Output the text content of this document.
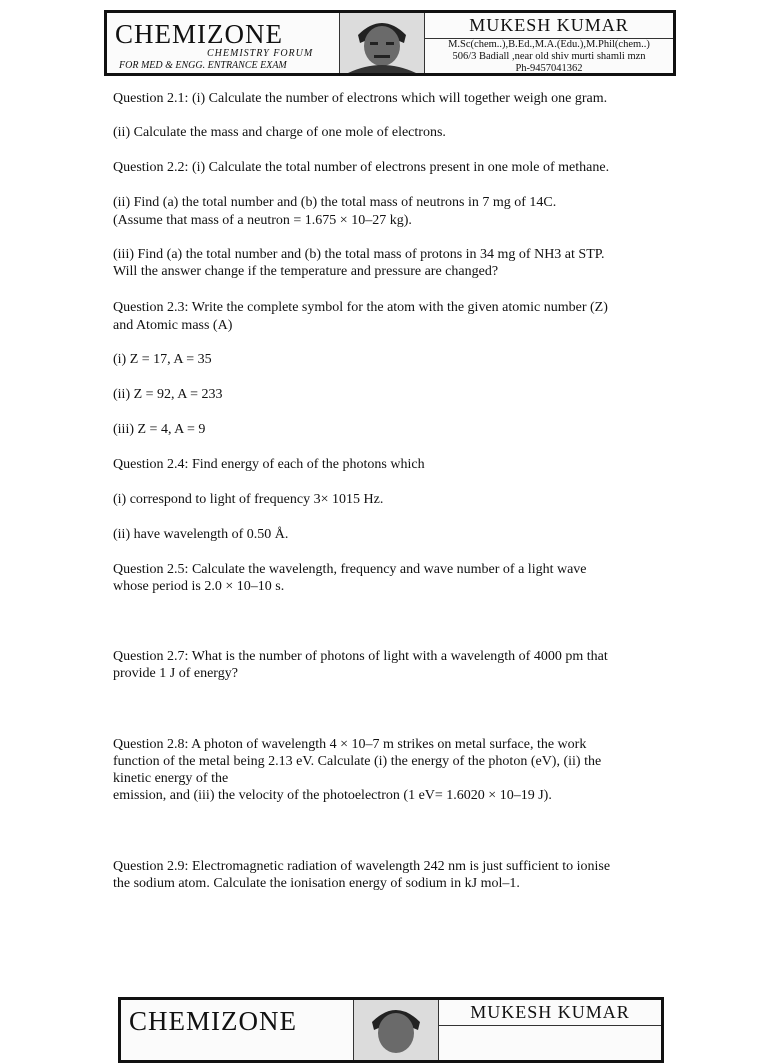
CHEMIZONE
CHEMISTRY FORUM
FOR MED & ENGG. ENTRANCE EXAM
MUKESH KUMAR
M.Sc(chem..),B.Ed.,M.A.(Edu.),M.Phil(chem..)
506/3 Badiall ,near old shiv murti shamli mzn
Ph-9457041362
Question 2.1: (i) Calculate the number of electrons which will together weigh one gram.
(ii) Calculate the mass and charge of one mole of electrons.
Question 2.2: (i) Calculate the total number of electrons present in one mole of methane.
(ii) Find (a) the total number and (b) the total mass of neutrons in 7 mg of 14C.
(Assume that mass of a neutron = 1.675 × 10–27 kg).
(iii) Find (a) the total number and (b) the total mass of protons in 34 mg of NH3 at STP.
Will the answer change if the temperature and pressure are changed?
Question 2.3: Write the complete symbol for the atom with the given atomic number (Z)
and Atomic mass (A)
(i) Z = 17, A = 35
(ii) Z = 92, A = 233
(iii) Z = 4, A = 9
Question 2.4: Find energy of each of the photons which
(i) correspond to light of frequency 3× 1015 Hz.
(ii) have wavelength of 0.50 Å.
Question 2.5: Calculate the wavelength, frequency and wave number of a light wave
whose period is 2.0 × 10–10 s.
Question 2.7: What is the number of photons of light with a wavelength of 4000 pm that
provide 1 J of energy?
Question 2.8: A photon of wavelength 4 × 10–7 m strikes on metal surface, the work
function of the metal being 2.13 eV. Calculate (i) the energy of the photon (eV), (ii) the
kinetic energy of the
emission, and (iii) the velocity of the photoelectron (1 eV= 1.6020 × 10–19 J).
Question 2.9: Electromagnetic radiation of wavelength 242 nm is just sufficient to ionise
the sodium atom. Calculate the ionisation energy of sodium in kJ mol–1.
CHEMIZONE	MUKESH KUMAR
